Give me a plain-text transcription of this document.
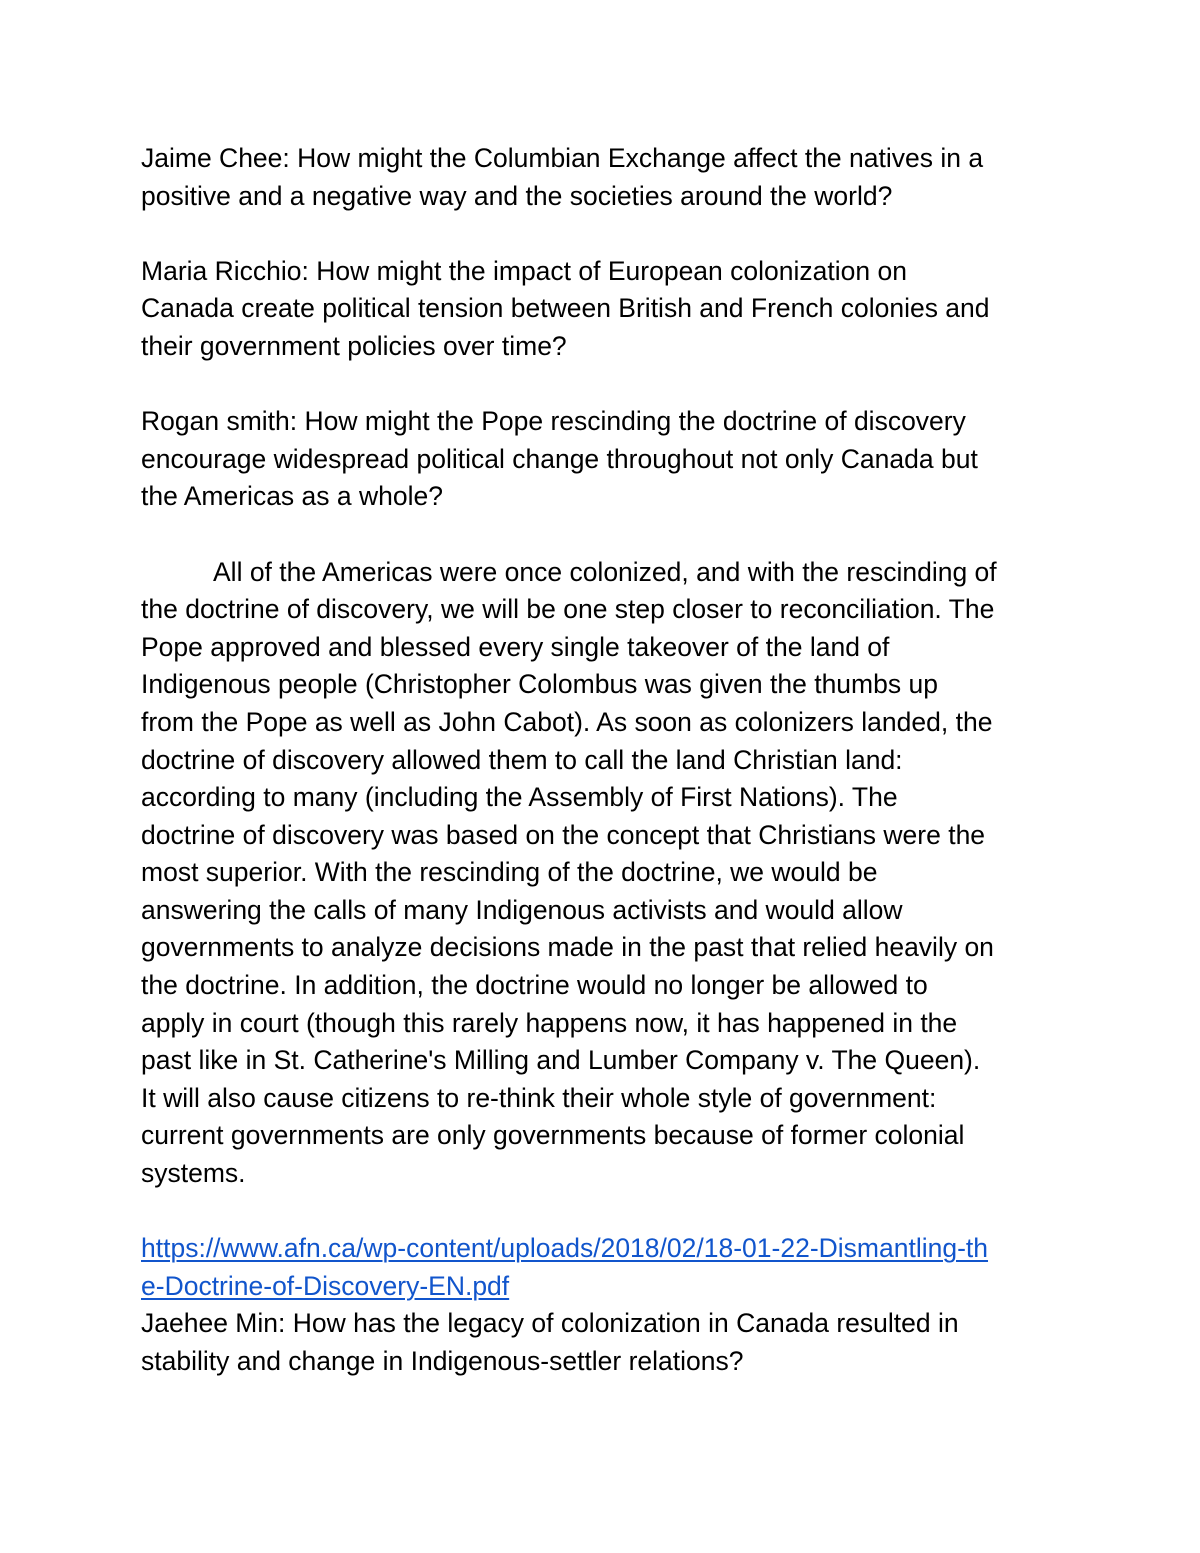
Jaime Chee: How might the Columbian Exchange affect the natives in a
positive and a negative way and the societies around the world?

Maria Ricchio: How might the impact of European colonization on
Canada create political tension between British and French colonies and
their government policies over time?

Rogan smith: How might the Pope rescinding the doctrine of discovery
encourage widespread political change throughout not only Canada but
the Americas as a whole?

All of the Americas were once colonized, and with the rescinding of
the doctrine of discovery, we will be one step closer to reconciliation. The
Pope approved and blessed every single takeover of the land of
Indigenous people (Christopher Colombus was given the thumbs up
from the Pope as well as John Cabot). As soon as colonizers landed, the
doctrine of discovery allowed them to call the land Christian land:
according to many (including the Assembly of First Nations). The
doctrine of discovery was based on the concept that Christians were the
most superior. With the rescinding of the doctrine, we would be
answering the calls of many Indigenous activists and would allow
governments to analyze decisions made in the past that relied heavily on
the doctrine. In addition, the doctrine would no longer be allowed to
apply in court (though this rarely happens now, it has happened in the
past like in St. Catherine's Milling and Lumber Company v. The Queen).
It will also cause citizens to re-think their whole style of government:
current governments are only governments because of former colonial
systems.

https://www.afn.ca/wp-content/uploads/2018/02/18-01-22-Dismantling-th
e-Doctrine-of-Discovery-EN.pdf

Jaehee Min: How has the legacy of colonization in Canada resulted in
stability and change in Indigenous-settler relations?
